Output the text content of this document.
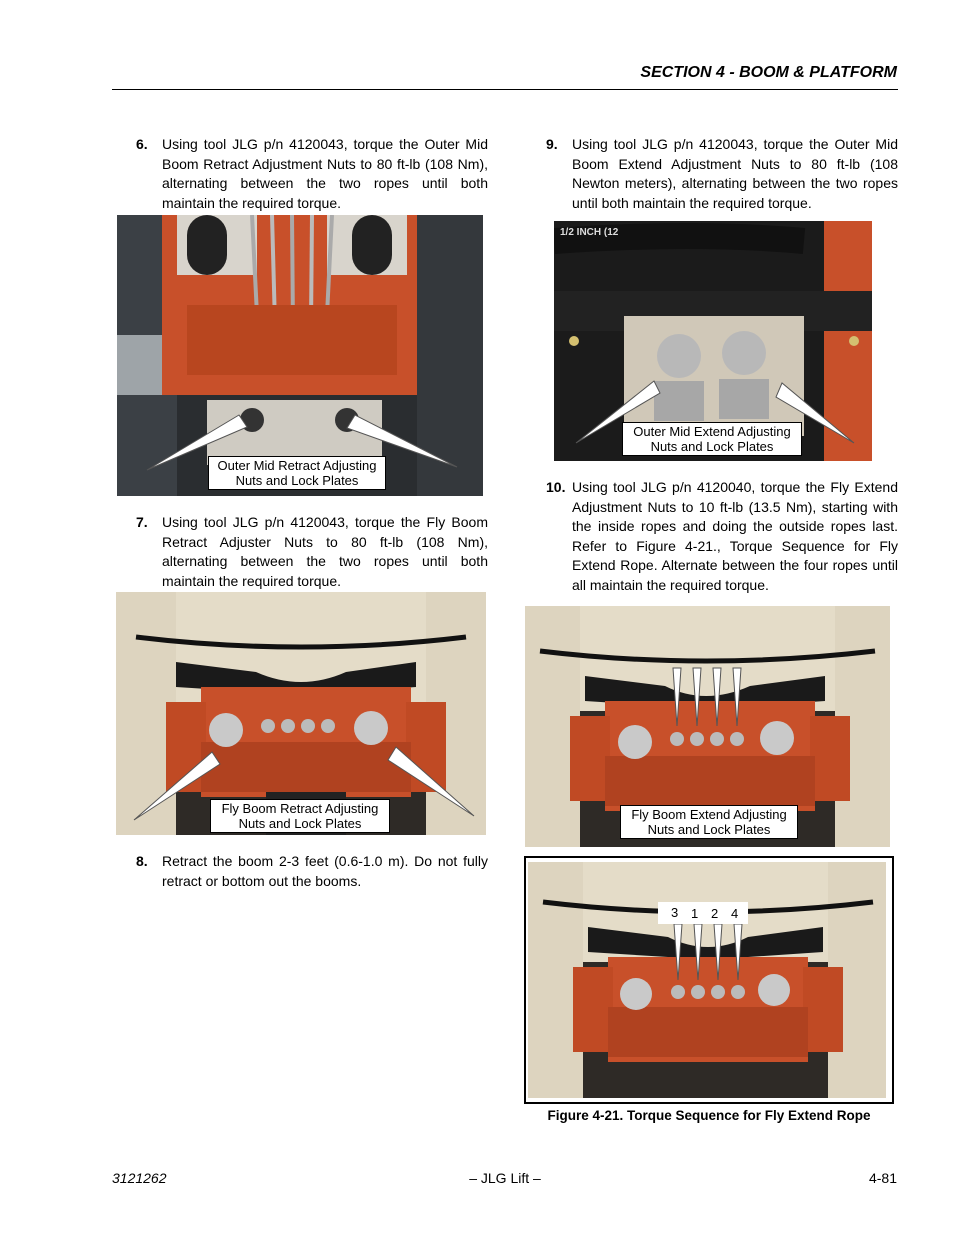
SECTION 4 - BOOM & PLATFORM
6. Using tool JLG p/n 4120043, torque the Outer Mid Boom Retract Adjustment Nuts to 80 ft-lb (108 Nm), alternating between the two ropes until both maintain the required torque.
Outer Mid Retract Adjusting
Nuts and Lock Plates
7. Using tool JLG p/n 4120043, torque the Fly Boom Retract Adjuster Nuts to 80 ft-lb (108 Nm), alternating between the two ropes until both maintain the required torque.
Fly Boom Retract Adjusting
Nuts and Lock Plates
8. Retract the boom 2-3 feet (0.6-1.0 m). Do not fully retract or bottom out the booms.
9. Using tool JLG p/n 4120043, torque the Outer Mid Boom Extend Adjustment Nuts to 80 ft-lb (108 Newton meters), alternating between the two ropes until both maintain the required torque.
1/2 INCH (12
Outer Mid Extend Adjusting
Nuts and Lock Plates
10. Using tool JLG p/n 4120040, torque the Fly Extend Adjustment Nuts to 10 ft-lb (13.5 Nm), starting with the inside ropes and doing the outside ropes last. Refer to Figure 4-21., Torque Sequence for Fly Extend Rope. Alternate between the four ropes until all maintain the required torque.
Fly Boom Extend Adjusting
Nuts and Lock Plates
3 1 2 4
Figure 4-21. Torque Sequence for Fly Extend Rope
3121262	– JLG Lift –	4-81
